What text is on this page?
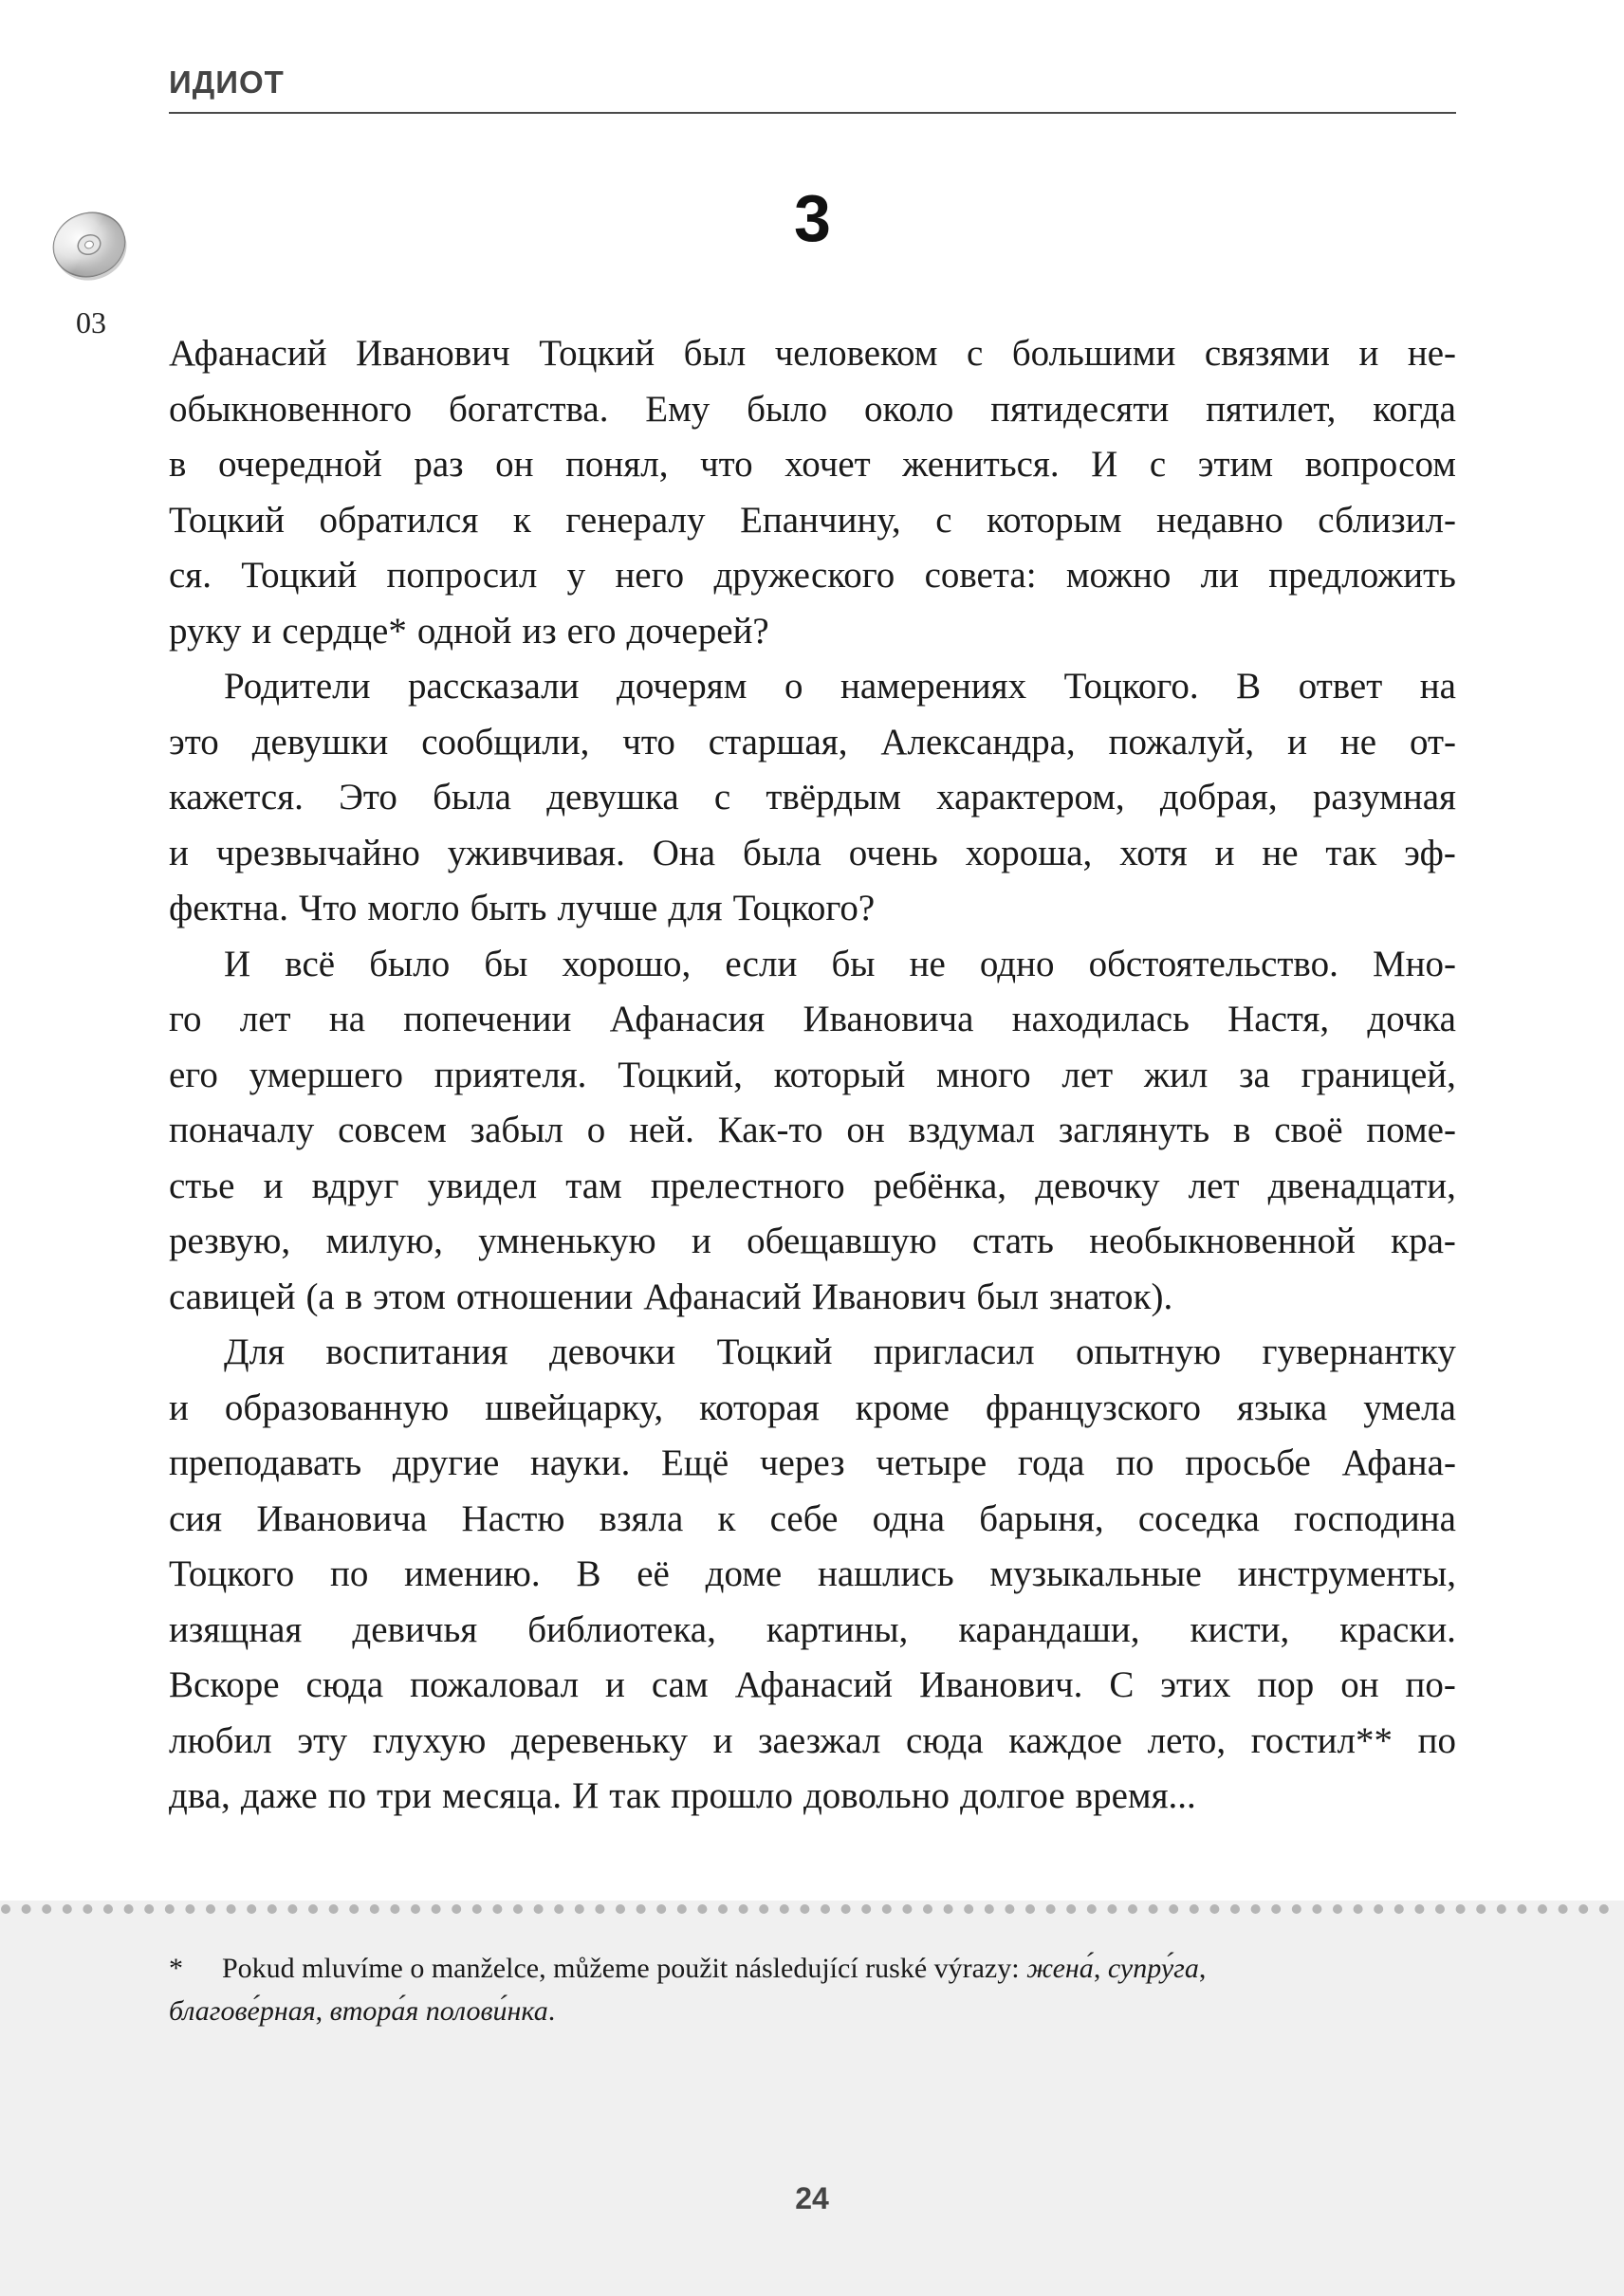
ИДИОТ
03
3
Афанасий Иванович Тоцкий был человеком с большими связями и не-
обыкновенного богатства. Ему было около пятидесяти пятилет, когда
в очередной раз он понял, что хочет жениться. И с этим вопросом
Тоцкий обратился к генералу Епанчину, с которым недавно сблизил-
ся. Тоцкий попросил у него дружеского совета: можно ли предложить
руку и сердце* одной из его дочерей?
Родители рассказали дочерям о намерениях Тоцкого. В ответ на
это девушки сообщили, что старшая, Александра, пожалуй, и не от-
кажется. Это была девушка с твёрдым характером, добрая, разумная
и чрезвычайно уживчивая. Она была очень хороша, хотя и не так эф-
фектна. Что могло быть лучше для Тоцкого?
И всё было бы хорошо, если бы не одно обстоятельство. Мно-
го лет на попечении Афанасия Ивановича находилась Настя, дочка
его умершего приятеля. Тоцкий, который много лет жил за границей,
поначалу совсем забыл о ней. Как-то он вздумал заглянуть в своё поме-
стье и вдруг увидел там прелестного ребёнка, девочку лет двенадцати,
резвую, милую, умненькую и обещавшую стать необыкновенной кра-
савицей (а в этом отношении Афанасий Иванович был знаток).
Для воспитания девочки Тоцкий пригласил опытную гувернантку
и образованную швейцарку, которая кроме французского языка умела
преподавать другие науки. Ещё через четыре года по просьбе Афана-
сия Ивановича Настю взяла к себе одна барыня, соседка господина
Тоцкого по имению. В её доме нашлись музыкальные инструменты,
изящная девичья библиотека, картины, карандаши, кисти, краски.
Вскоре сюда пожаловал и сам Афанасий Иванович. С этих пор он по-
любил эту глухую деревеньку и заезжал сюда каждое лето, гостил** по
два, даже по три месяца. И так прошло довольно долгое время...
*	Pokud mluvíme o manželce, můžeme použit následující ruské výrazy: жена́, супру́га,
благове́рная, втора́я полови́нка.
24
